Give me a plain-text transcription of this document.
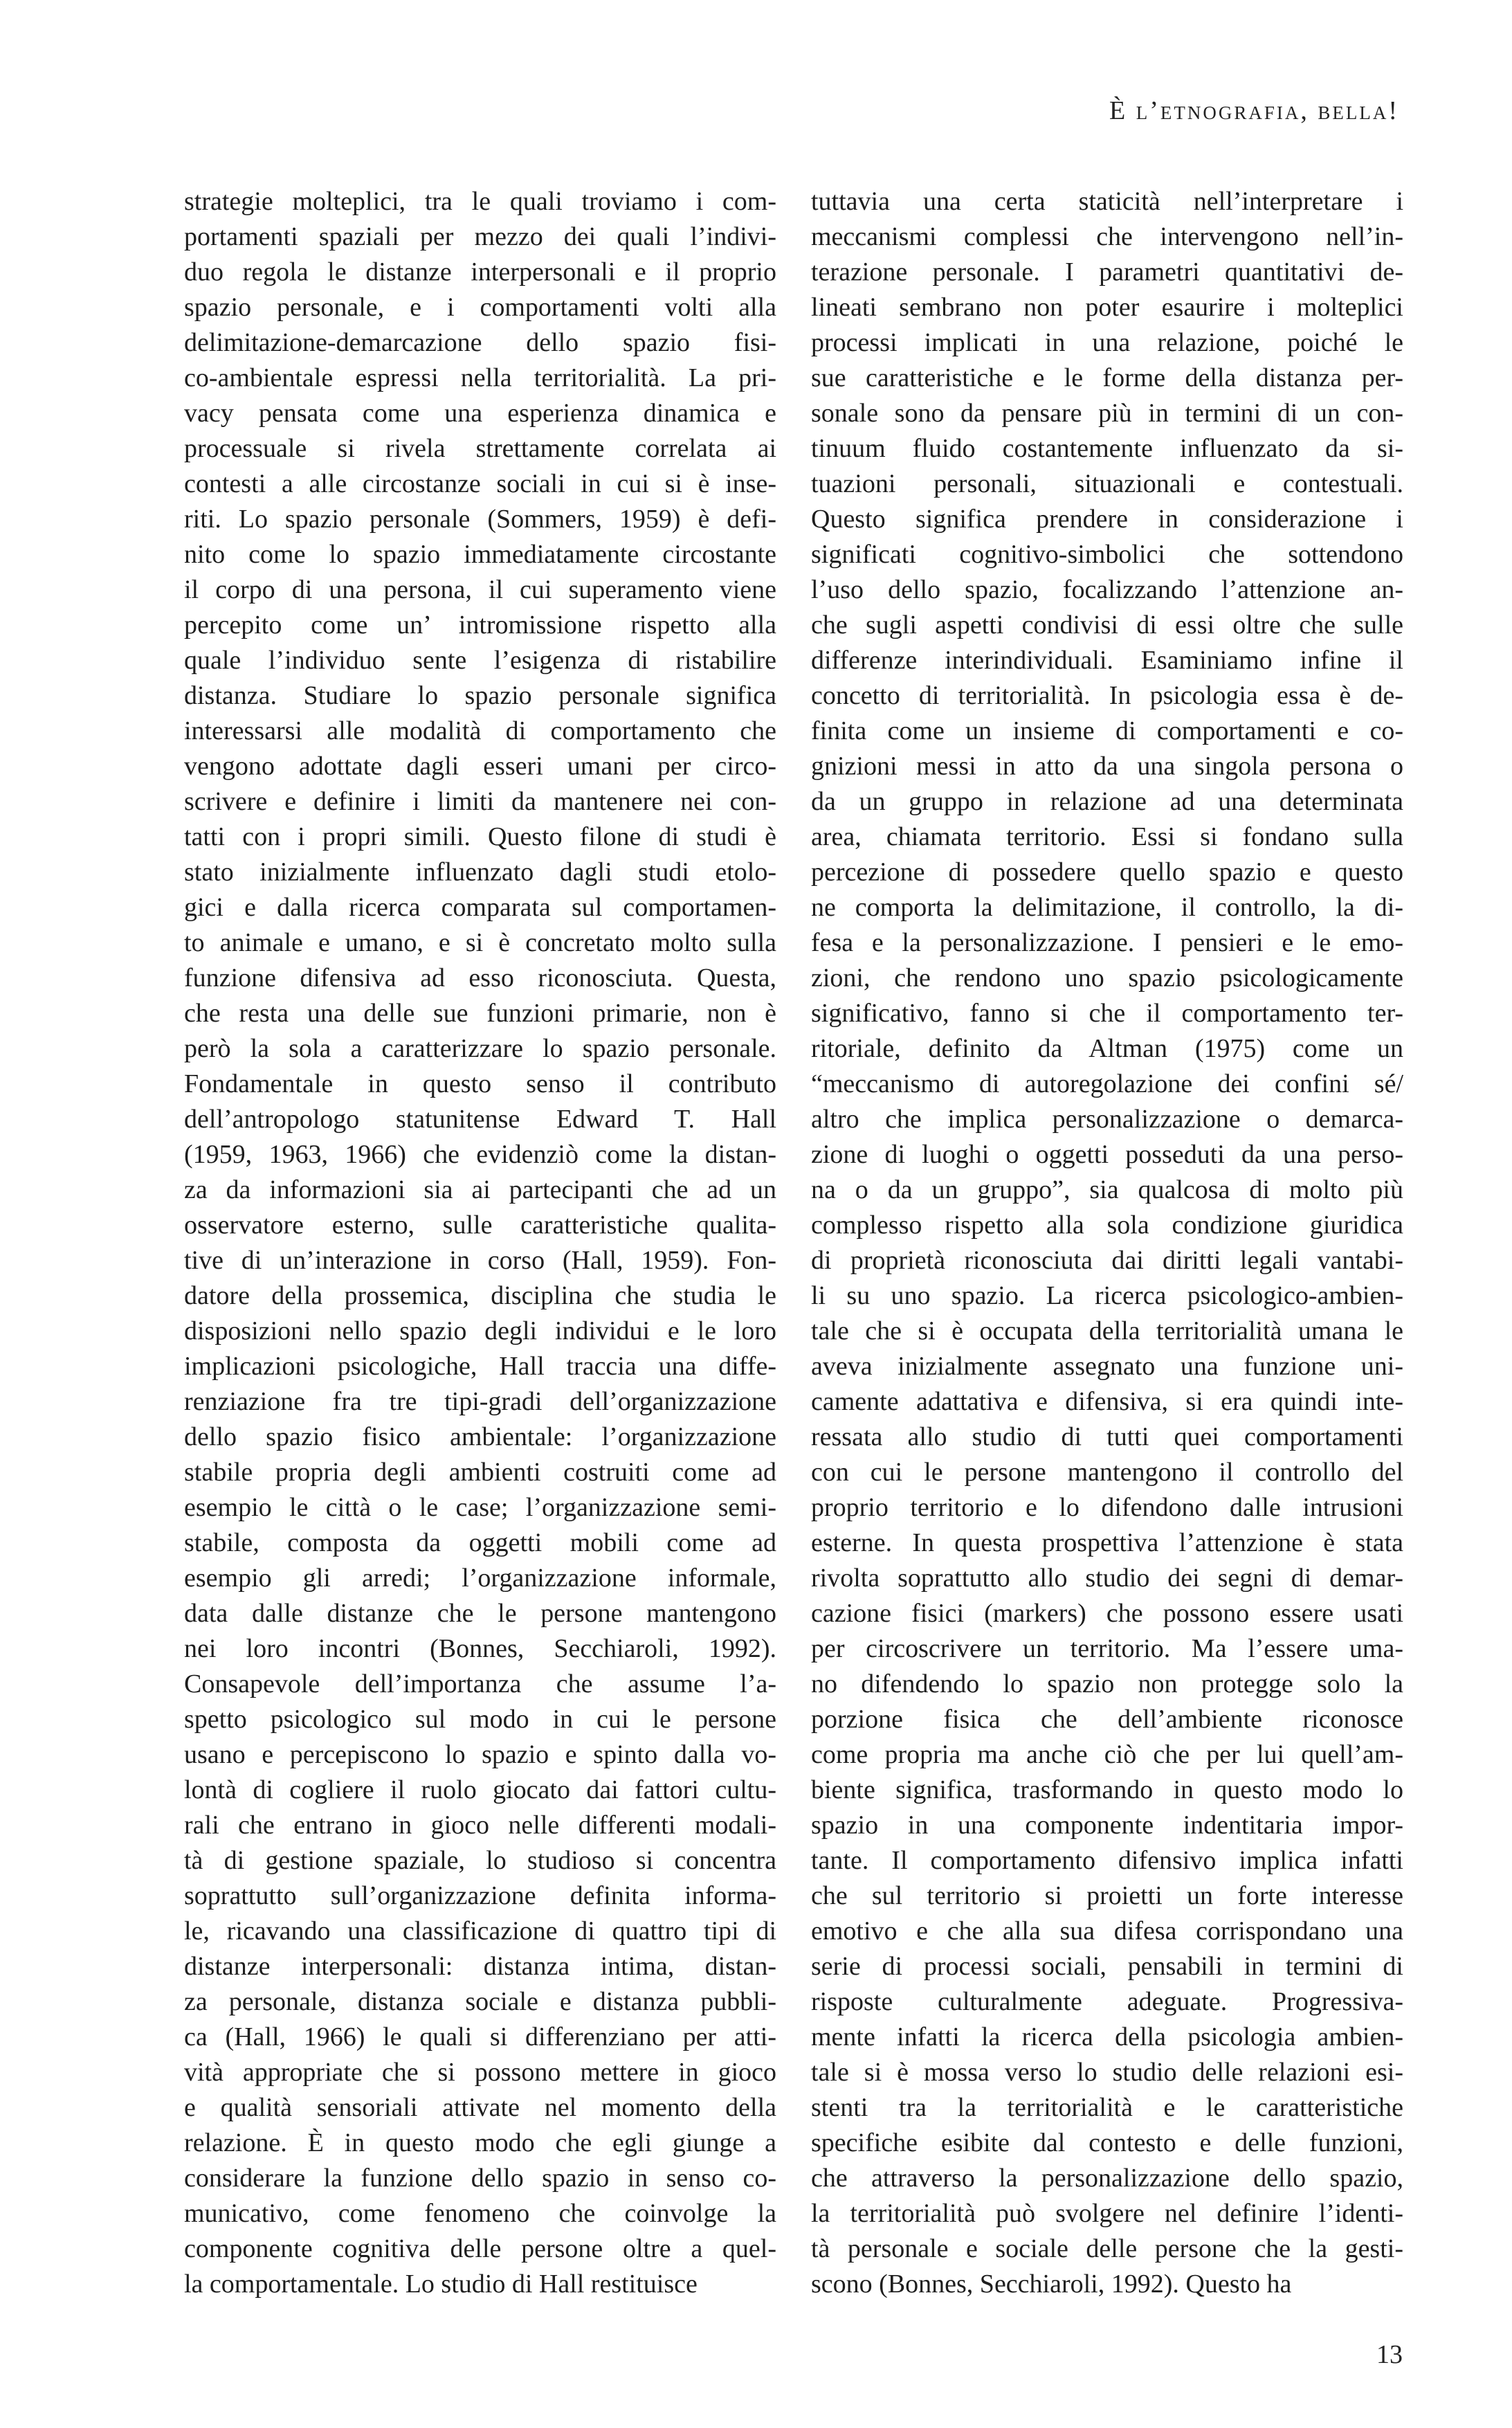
È l’etnografia, bella!
strategie molteplici, tra le quali troviamo i com-
portamenti spaziali per mezzo dei quali l’indivi-
duo regola le distanze interpersonali e il proprio
spazio personale, e i comportamenti volti alla
delimitazione-demarcazione dello spazio fisi-
co-ambientale espressi nella territorialità. La pri-
vacy pensata come una esperienza dinamica e
processuale si rivela strettamente correlata ai
contesti a alle circostanze sociali in cui si è inse-
riti. Lo spazio personale (Sommers, 1959) è defi-
nito come lo spazio immediatamente circostante
il corpo di una persona, il cui superamento viene
percepito come un’ intromissione rispetto alla
quale l’individuo sente l’esigenza di ristabilire
distanza. Studiare lo spazio personale significa
interessarsi alle modalità di comportamento che
vengono adottate dagli esseri umani per circo-
scrivere e definire i limiti da mantenere nei con-
tatti con i propri simili. Questo filone di studi è
stato inizialmente influenzato dagli studi etolo-
gici e dalla ricerca comparata sul comportamen-
to animale e umano, e si è concretato molto sulla
funzione difensiva ad esso riconosciuta. Questa,
che resta una delle sue funzioni primarie, non è
però la sola a caratterizzare lo spazio personale.
Fondamentale in questo senso il contributo
dell’antropologo statunitense Edward T. Hall
(1959, 1963, 1966) che evidenziò come la distan-
za da informazioni sia ai partecipanti che ad un
osservatore esterno, sulle caratteristiche qualita-
tive di un’interazione in corso (Hall, 1959). Fon-
datore della prossemica, disciplina che studia le
disposizioni nello spazio degli individui e le loro
implicazioni psicologiche, Hall traccia una diffe-
renziazione fra tre tipi-gradi dell’organizzazione
dello spazio fisico ambientale: l’organizzazione
stabile propria degli ambienti costruiti come ad
esempio le città o le case; l’organizzazione semi-
stabile, composta da oggetti mobili come ad
esempio gli arredi; l’organizzazione informale,
data dalle distanze che le persone mantengono
nei loro incontri (Bonnes, Secchiaroli, 1992).
Consapevole dell’importanza che assume l’a-
spetto psicologico sul modo in cui le persone
usano e percepiscono lo spazio e spinto dalla vo-
lontà di cogliere il ruolo giocato dai fattori cultu-
rali che entrano in gioco nelle differenti modali-
tà di gestione spaziale, lo studioso si concentra
soprattutto sull’organizzazione definita informa-
le, ricavando una classificazione di quattro tipi di
distanze interpersonali: distanza intima, distan-
za personale, distanza sociale e distanza pubbli-
ca (Hall, 1966) le quali si differenziano per atti-
vità appropriate che si possono mettere in gioco
e qualità sensoriali attivate nel momento della
relazione. È in questo modo che egli giunge a
considerare la funzione dello spazio in senso co-
municativo, come fenomeno che coinvolge la
componente cognitiva delle persone oltre a quel-
la comportamentale. Lo studio di Hall restituisce
tuttavia una certa staticità nell’interpretare i
meccanismi complessi che intervengono nell’in-
terazione personale. I parametri quantitativi de-
lineati sembrano non poter esaurire i molteplici
processi implicati in una relazione, poiché le
sue caratteristiche e le forme della distanza per-
sonale sono da pensare più in termini di un con-
tinuum fluido costantemente influenzato da si-
tuazioni personali, situazionali e contestuali.
Questo significa prendere in considerazione i
significati cognitivo-simbolici che sottendono
l’uso dello spazio, focalizzando l’attenzione an-
che sugli aspetti condivisi di essi oltre che sulle
differenze interindividuali. Esaminiamo infine il
concetto di territorialità. In psicologia essa è de-
finita come un insieme di comportamenti e co-
gnizioni messi in atto da una singola persona o
da un gruppo in relazione ad una determinata
area, chiamata territorio. Essi si fondano sulla
percezione di possedere quello spazio e questo
ne comporta la delimitazione, il controllo, la di-
fesa e la personalizzazione. I pensieri e le emo-
zioni, che rendono uno spazio psicologicamente
significativo, fanno si che il comportamento ter-
ritoriale, definito da Altman (1975) come un
“meccanismo di autoregolazione dei confini sé/
altro che implica personalizzazione o demarca-
zione di luoghi o oggetti posseduti da una perso-
na o da un gruppo”, sia qualcosa di molto più
complesso rispetto alla sola condizione giuridica
di proprietà riconosciuta dai diritti legali vantabi-
li su uno spazio. La ricerca psicologico-ambien-
tale che si è occupata della territorialità umana le
aveva inizialmente assegnato una funzione uni-
camente adattativa e difensiva, si era quindi inte-
ressata allo studio di tutti quei comportamenti
con cui le persone mantengono il controllo del
proprio territorio e lo difendono dalle intrusioni
esterne. In questa prospettiva l’attenzione è stata
rivolta soprattutto allo studio dei segni di demar-
cazione fisici (markers) che possono essere usati
per circoscrivere un territorio. Ma l’essere uma-
no difendendo lo spazio non protegge solo la
porzione fisica che dell’ambiente riconosce
come propria ma anche ciò che per lui quell’am-
biente significa, trasformando in questo modo lo
spazio in una componente indentitaria impor-
tante. Il comportamento difensivo implica infatti
che sul territorio si proietti un forte interesse
emotivo e che alla sua difesa corrispondano una
serie di processi sociali, pensabili in termini di
risposte culturalmente adeguate. Progressiva-
mente infatti la ricerca della psicologia ambien-
tale si è mossa verso lo studio delle relazioni esi-
stenti tra la territorialità e le caratteristiche
specifiche esibite dal contesto e delle funzioni,
che attraverso la personalizzazione dello spazio,
la territorialità può svolgere nel definire l’identi-
tà personale e sociale delle persone che la gesti-
scono (Bonnes, Secchiaroli, 1992). Questo ha
13
